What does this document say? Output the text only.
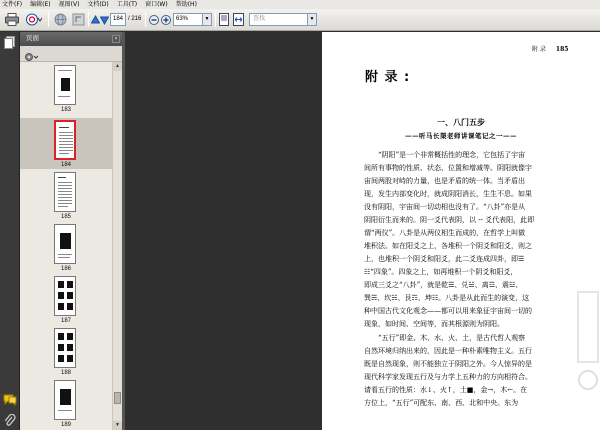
文件(F) 编辑(E) 视图(V) 文档(D) 工具(T) 窗口(W) 帮助(H)
184 / 216	63%	▼	查找	▼
页面	×
183
184
185
186
187
188
189
▲
▼
附 录 185
附 录 :
一、八门五步
——听马长渠老师讲课笔记之一——
“阴阳”是一个非常概括性的理念，它包括了宇宙
间所有事物的性质、状态、位置和增减等。阴阳就像宇
宙间两股对峙的力量，也是矛盾的统一体。当矛盾出
现，发生内部变化时，就成阴阳消长，生生不息。如果
没有阴阳，宇宙间一切动相也没有了。“八卦”亦是从
阴阳衍生而来的。阴一爻代表阴，以 -- 爻代表阳，此即
谓“两仪”。八卦是从两仪相生而成的，在哲学上叫做
堆积法。如在阳爻之上，各堆积一个阴爻和阳爻，则之
上，也堆积一个阴爻和阳爻，此二爻连成四卦，即☰
☷“四象”。四象之上，如再堆积一个阴爻和阳爻，
即成三爻之“八卦”，就是乾☰、兑☱、离☲、震☳、
巽☴、坎☵、艮☶、坤☷。八卦是从此而生的演变，这
种中国古代文化观念——都可以用来象征宇宙间一切的
现象，如时间、空间等，而其根源则为阴阳。
“五行”即金、木、水、火、土，是古代哲人观察
自然环境归纳出来的，因此是一种朴素唯物主义。五行
既是自然现象，则不能独立于阴阳之外。今人惊异的是
现代科学家发现五行及与力学上五种力的方向相符合。
请看五行的性质：水↓、火↑，土■，金→，木←。在
方位上，“五行”可配东、南、西、北和中央。东为
